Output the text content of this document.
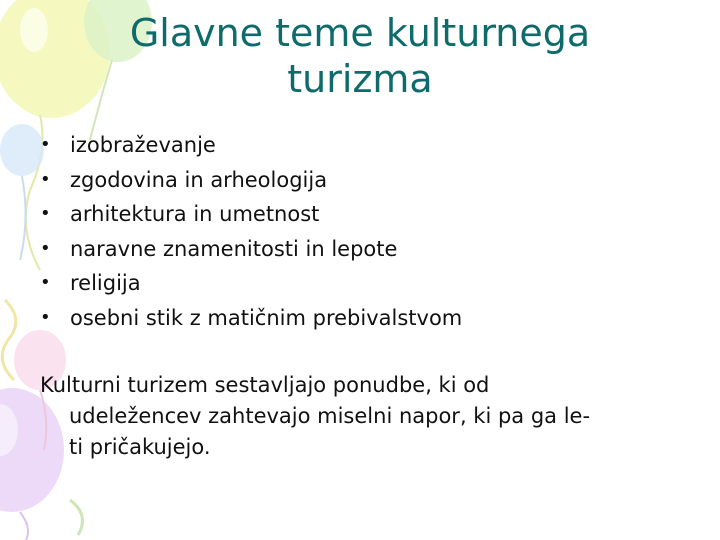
Glavne teme kulturnega
turizma
• izobraževanje
• zgodovina in arheologija
• arhitektura in umetnost
• naravne znamenitosti in lepote
• religija
• osebni stik z matičnim prebivalstvom

Kulturni turizem sestavljajo ponudbe, ki od
udeležencev zahtevajo miselni napor, ki pa ga le-
ti pričakujejo.
